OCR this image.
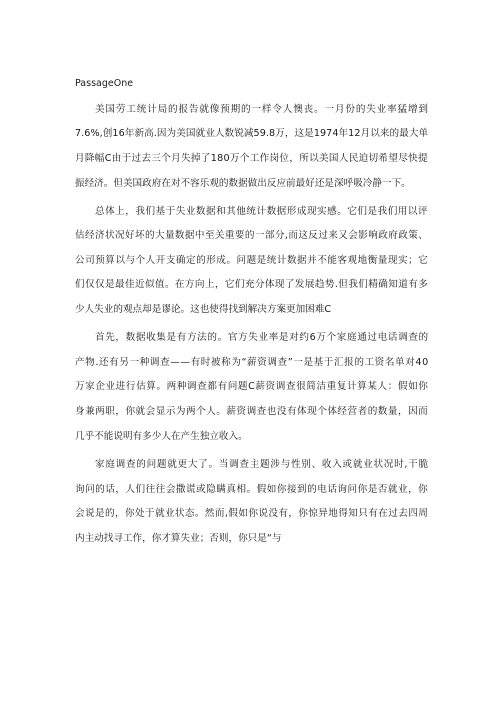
PassageOne
美国劳工统计局的报告就像预期的一样令人懊丧。一月份的失业率猛增到
7.6%,创16年新高.因为美国就业人数锐减59.8万，这是1974年12月以来的最大单
月降幅C由于过去三个月失掉了180万个工作岗位，所以美国人民迫切希望尽快提
振经济。但美国政府在对不容乐观的数据做出反应前最好还是深呼吸冷静一下。
总体上，我们基于失业数据和其他统计数据形成现实感。它们是我们用以评
估经济状况好坏的大量数据中至关重要的一部分,而这反过来又会影响政府政策、
公司预算以与个人开支确定的形成。问题是统计数据并不能客观地衡量现实；它
们仅仅是最佳近似值。在方向上，它们充分体现了发展趋势.但我们精确知道有多
少人失业的观点却是谬论。这也使得找到解决方案更加困难C
首先，数据收集是有方法的。官方失业率是对约6万个家庭通过电话调查的
产物.还有另一种调查——有时被称为“薪资调查”一是基于汇报的工资名单对40
万家企业进行估算。两种调查都有问题C薪资调查很简洁重复计算某人：假如你
身兼两职，你就会显示为两个人。薪资调查也没有体现个体经营者的数量，因而
几乎不能说明有多少人在产生独立收入。
家庭调查的问题就更大了。当调查主题涉与性别、收入或就业状况时,干脆
询问的话，人们往往会撒谎或隐瞒真相。假如你接到的电话询问你是否就业，你
会说是的，你处于就业状态。然而,假如你说没有，你惊异地得知只有在过去四周
内主动找寻工作，你才算失业；否则，你只是“与
